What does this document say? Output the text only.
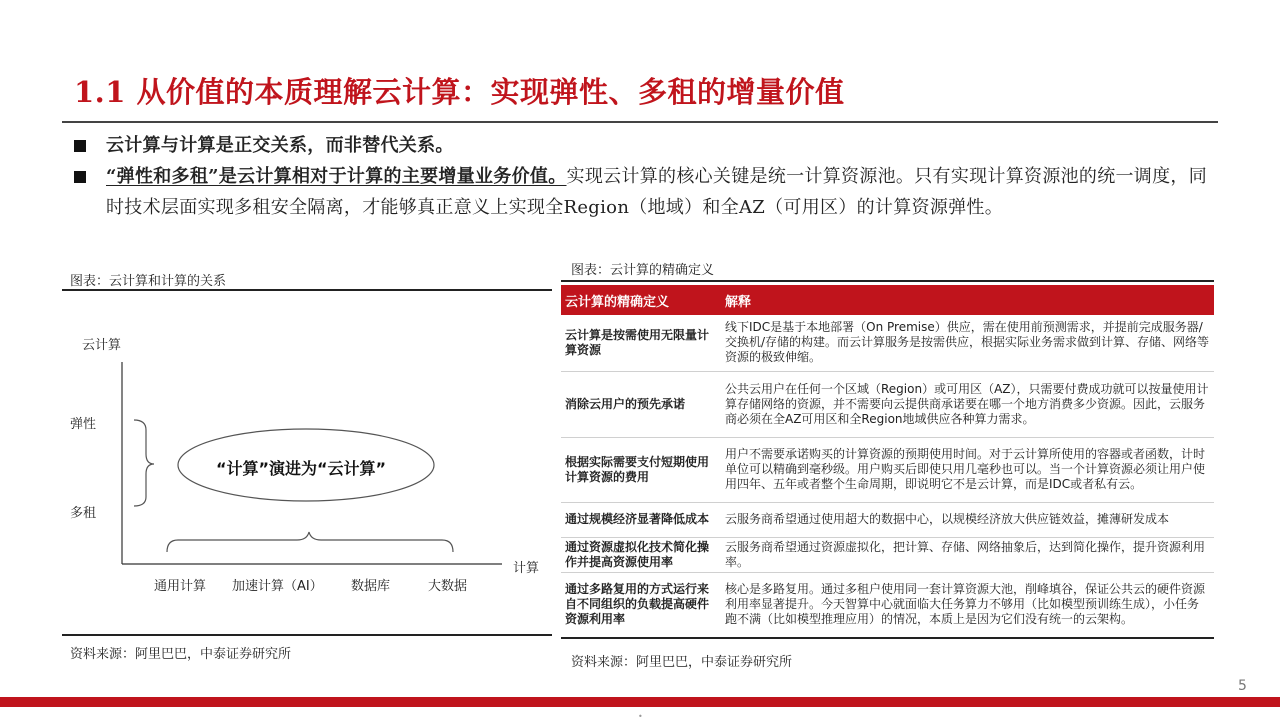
1.1 从价值的本质理解云计算：实现弹性、多租的增量价值
云计算与计算是正交关系，而非替代关系。
“弹性和多租”是云计算相对于计算的主要增量业务价值。实现云计算的核心关键是统一计算资源池。只有实现计算资源池的统一调度，同时技术层面实现多租安全隔离，才能够真正意义上实现全Region（地域）和全AZ（可用区）的计算资源弹性。
图表：云计算和计算的关系
云计算
弹性
多租
计算
通用计算 加速计算（AI） 数据库	大数据
“计算”演进为“云计算”
资料来源：阿里巴巴，中泰证券研究所
图表：云计算的精确定义
云计算的精确定义	解释
云计算是按需使用无限量计算资源	线下IDC是基于本地部署（On Premise）供应，需在使用前预测需求，并提前完成服务器/交换机/存储的构建。而云计算服务是按需供应，根据实际业务需求做到计算、存储、网络等资源的极致伸缩。
消除云用户的预先承诺	公共云用户在任何一个区域（Region）或可用区（AZ），只需要付费成功就可以按量使用计算存储网络的资源，并不需要向云提供商承诺要在哪一个地方消费多少资源。因此，云服务商必须在全AZ可用区和全Region地域供应各种算力需求。
根据实际需要支付短期使用计算资源的费用	用户不需要承诺购买的计算资源的预期使用时间。对于云计算所使用的容器或者函数，计时单位可以精确到毫秒级。用户购买后即使只用几毫秒也可以。当一个计算资源必须让用户使用四年、五年或者整个生命周期，即说明它不是云计算，而是IDC或者私有云。
通过规模经济显著降低成本	云服务商希望通过使用超大的数据中心，以规模经济放大供应链效益，摊薄研发成本
通过资源虚拟化技术简化操作并提高资源使用率	云服务商希望通过资源虚拟化，把计算、存储、网络抽象后，达到简化操作，提升资源利用率。
通过多路复用的方式运行来自不同组织的负载提高硬件资源利用率	核心是多路复用。通过多租户使用同一套计算资源大池，削峰填谷，保证公共云的硬件资源利用率显著提升。今天智算中心就面临大任务算力不够用（比如模型预训练生成），小任务跑不满（比如模型推理应用）的情况，本质上是因为它们没有统一的云架构。
资料来源：阿里巴巴，中泰证券研究所
5
•
